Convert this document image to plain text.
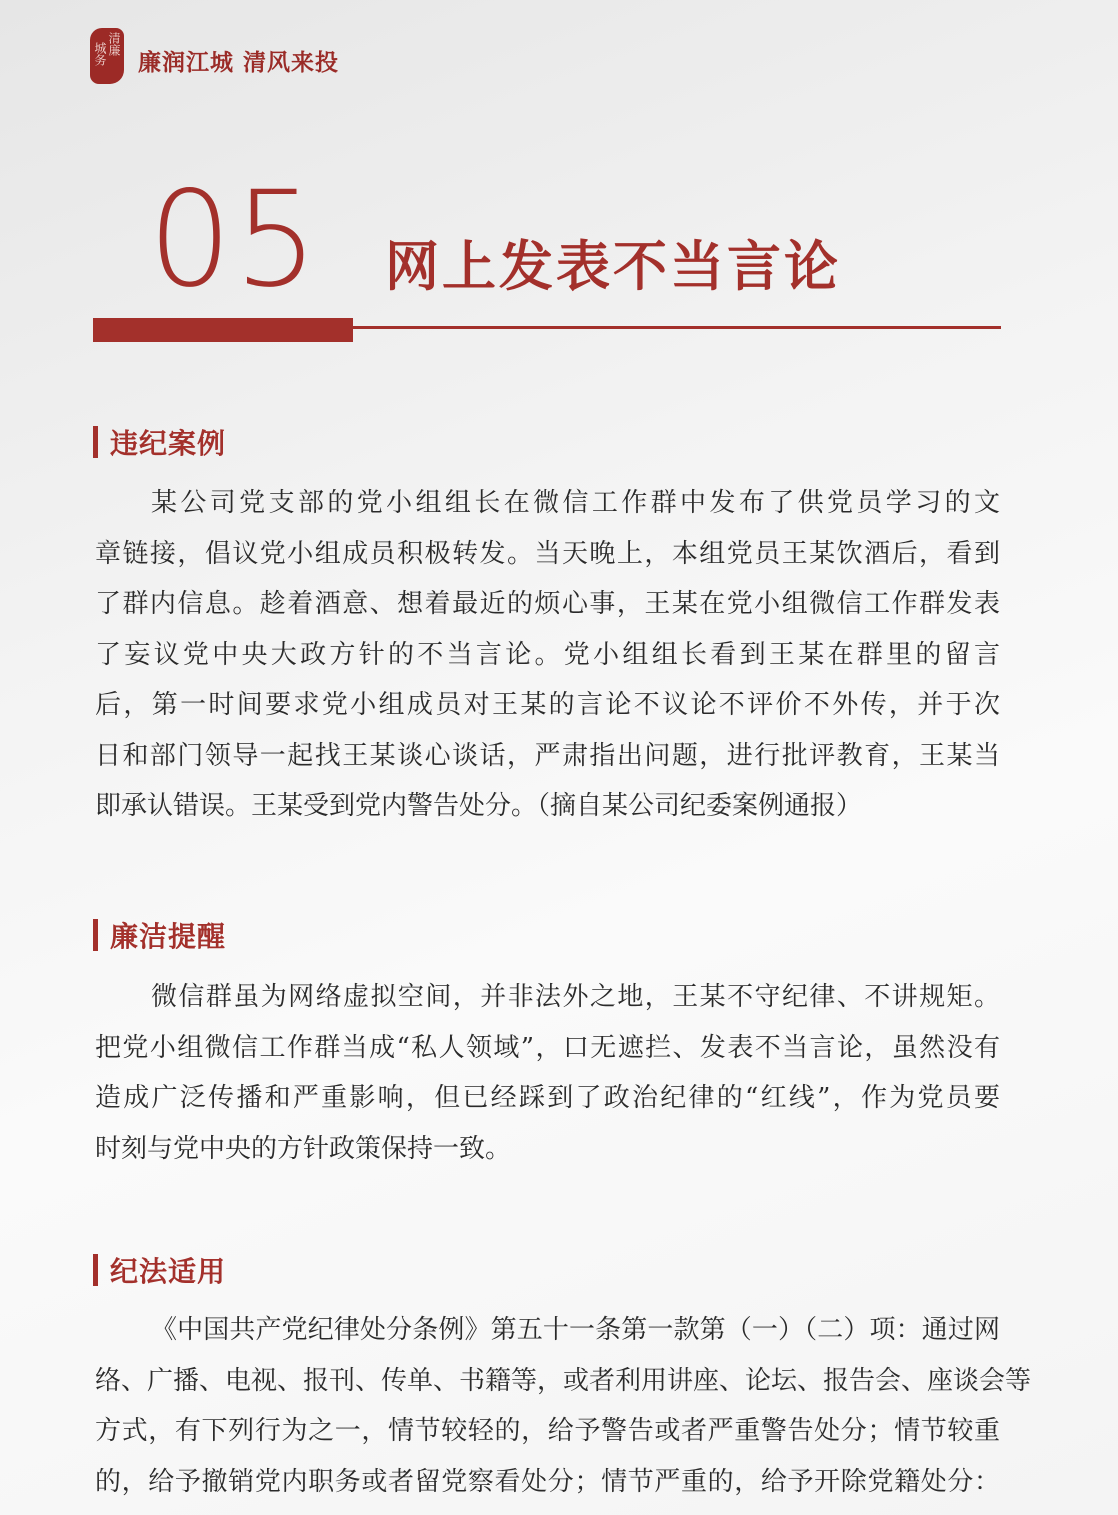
清廉
城务 廉润江城 清风来投
05 网上发表不当言论
违纪案例
某公司党支部的党小组组长在微信工作群中发布了供党员学习的文
章链接，倡议党小组成员积极转发。当天晚上，本组党员王某饮酒后，看到
了群内信息。趁着酒意、想着最近的烦心事，王某在党小组微信工作群发表
了妄议党中央大政方针的不当言论。党小组组长看到王某在群里的留言
后，第一时间要求党小组成员对王某的言论不议论不评价不外传，并于次
日和部门领导一起找王某谈心谈话，严肃指出问题，进行批评教育，王某当
即承认错误。王某受到党内警告处分。（摘自某公司纪委案例通报）
廉洁提醒
微信群虽为网络虚拟空间，并非法外之地，王某不守纪律、不讲规矩。
把党小组微信工作群当成“私人领域”，口无遮拦、发表不当言论，虽然没有
造成广泛传播和严重影响，但已经踩到了政治纪律的“红线”，作为党员要
时刻与党中央的方针政策保持一致。
纪法适用
《中国共产党纪律处分条例》第五十一条第一款第（一）（二）项：通过网
络、广播、电视、报刊、传单、书籍等，或者利用讲座、论坛、报告会、座谈会等
方式，有下列行为之一，情节较轻的，给予警告或者严重警告处分；情节较重
的，给予撤销党内职务或者留党察看处分；情节严重的，给予开除党籍处分：
